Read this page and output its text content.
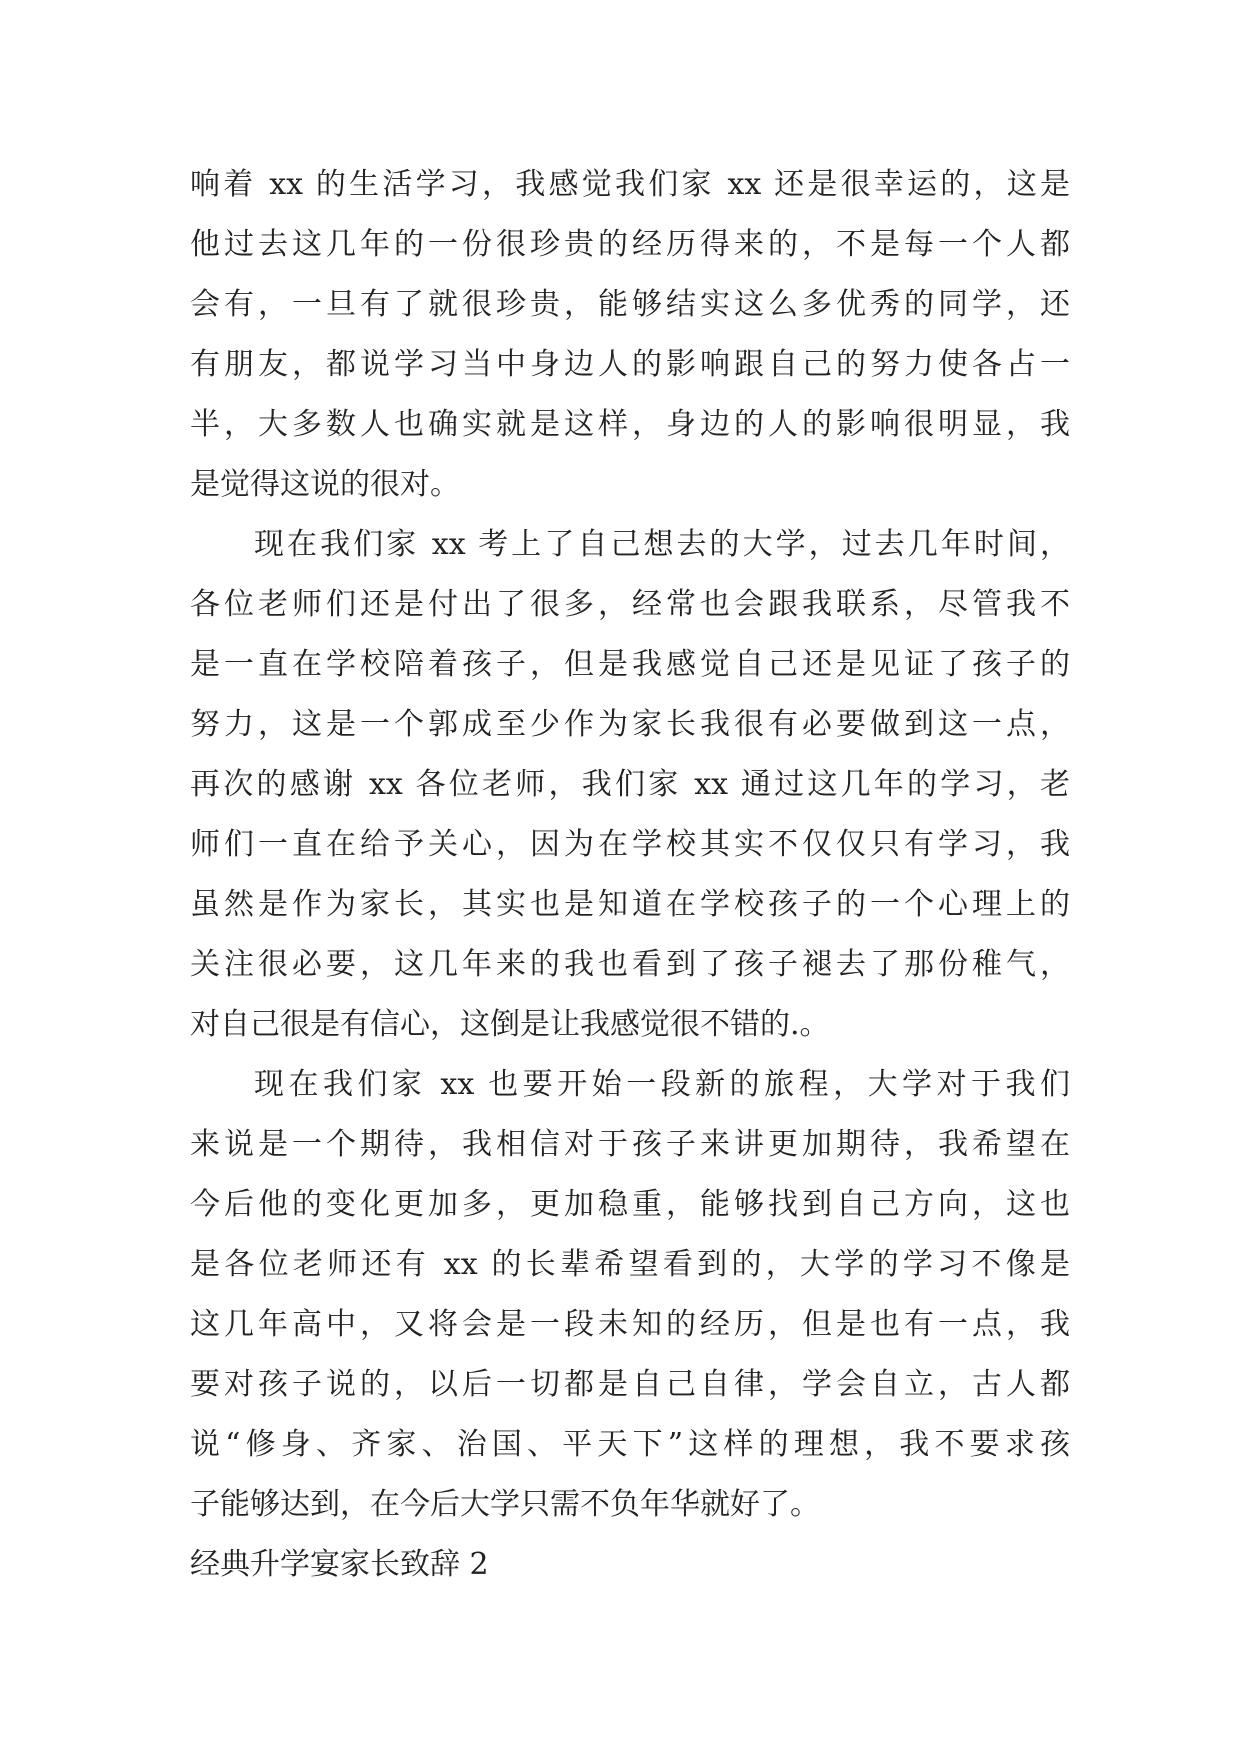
响着 xx 的生活学习，我感觉我们家 xx 还是很幸运的，这是
他过去这几年的一份很珍贵的经历得来的，不是每一个人都
会有，一旦有了就很珍贵，能够结实这么多优秀的同学，还
有朋友，都说学习当中身边人的影响跟自己的努力使各占一
半，大多数人也确实就是这样，身边的人的影响很明显，我
是觉得这说的很对。
现在我们家 xx 考上了自己想去的大学，过去几年时间，
各位老师们还是付出了很多，经常也会跟我联系，尽管我不
是一直在学校陪着孩子，但是我感觉自己还是见证了孩子的
努力，这是一个郭成至少作为家长我很有必要做到这一点，
再次的感谢 xx 各位老师，我们家 xx 通过这几年的学习，老
师们一直在给予关心，因为在学校其实不仅仅只有学习，我
虽然是作为家长，其实也是知道在学校孩子的一个心理上的
关注很必要，这几年来的我也看到了孩子褪去了那份稚气，
对自己很是有信心，这倒是让我感觉很不错的.。
现在我们家 xx 也要开始一段新的旅程，大学对于我们
来说是一个期待，我相信对于孩子来讲更加期待，我希望在
今后他的变化更加多，更加稳重，能够找到自己方向，这也
是各位老师还有 xx 的长辈希望看到的，大学的学习不像是
这几年高中，又将会是一段未知的经历，但是也有一点，我
要对孩子说的，以后一切都是自己自律，学会自立，古人都
说“修身、齐家、治国、平天下”这样的理想，我不要求孩
子能够达到，在今后大学只需不负年华就好了。
经典升学宴家长致辞 2
